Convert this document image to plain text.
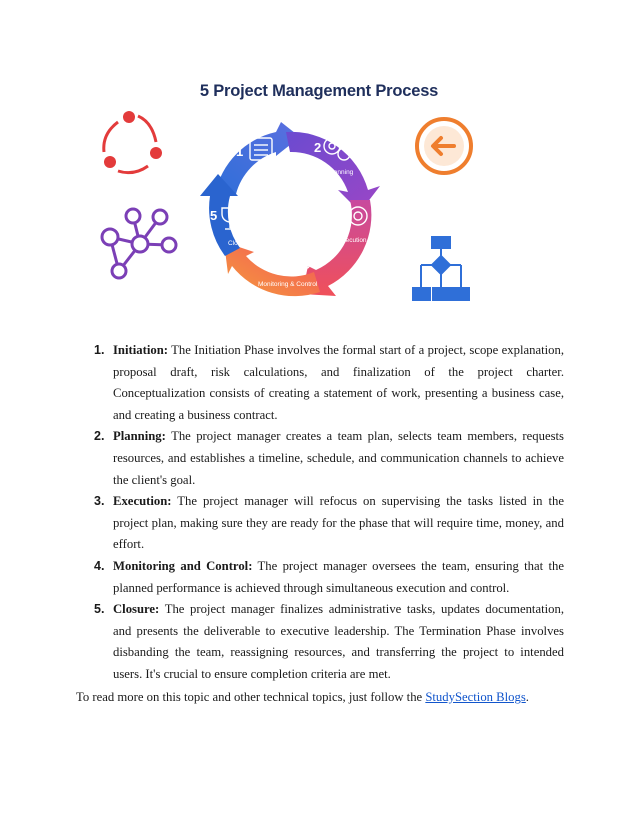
5 Project Management Process
1
Initiation
2
Planning
3
Execution
4
Monitoring & Control
5
Closure
1. Initiation: The Initiation Phase involves the formal start of a project, scope explanation, proposal draft, risk calculations, and finalization of the project charter. Conceptualization consists of creating a statement of work, presenting a business case, and creating a business contract.
2. Planning: The project manager creates a team plan, selects team members, requests resources, and establishes a timeline, schedule, and communication channels to achieve the client's goal.
3. Execution: The project manager will refocus on supervising the tasks listed in the project plan, making sure they are ready for the phase that will require time, money, and effort.
4. Monitoring and Control: The project manager oversees the team, ensuring that the planned performance is achieved through simultaneous execution and control.
5. Closure: The project manager finalizes administrative tasks, updates documentation, and presents the deliverable to executive leadership. The Termination Phase involves disbanding the team, reassigning resources, and transferring the project to intended users. It's crucial to ensure completion criteria are met.
To read more on this topic and other technical topics, just follow the StudySection Blogs.
